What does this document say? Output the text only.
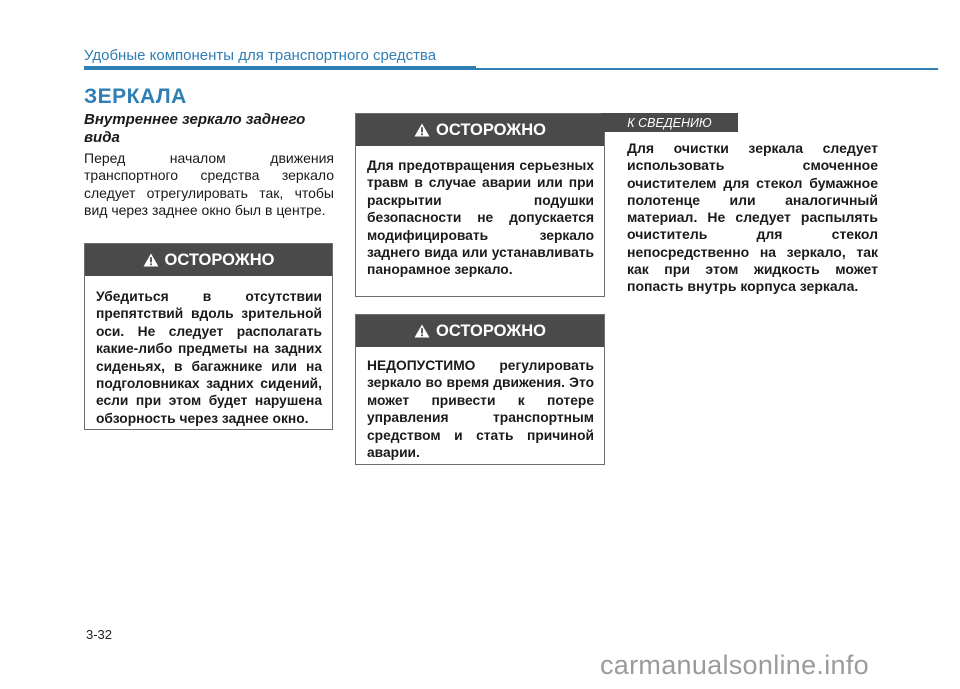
Удобные компоненты для транспортного средства
ЗЕРКАЛА
Внутреннее зеркало заднего вида
Перед началом движения транспортного средства зеркало следует отрегулировать так, чтобы вид через заднее окно был в центре.
ОСТОРОЖНО
Убедиться в отсутствии препятствий вдоль зрительной оси. Не следует располагать какие-либо предметы на задних сиденьях, в багажнике или на подголовниках задних сидений, если при этом будет нарушена обзорность через заднее окно.
ОСТОРОЖНО
Для предотвращения серьезных травм в случае аварии или при раскрытии подушки безопасности не допускается модифицировать зеркало заднего вида или устанавливать панорамное зеркало.
ОСТОРОЖНО
НЕДОПУСТИМО регулировать зеркало во время движения. Это может привести к потере управления транспортным средством и стать причиной аварии.
К СВЕДЕНИЮ
Для очистки зеркала следует использовать смоченное очистителем для стекол бумажное полотенце или аналогичный материал. Не следует распылять очиститель для стекол непосредственно на зеркало, так как при этом жидкость может попасть внутрь корпуса зеркала.
3-32
carmanualsonline.info
